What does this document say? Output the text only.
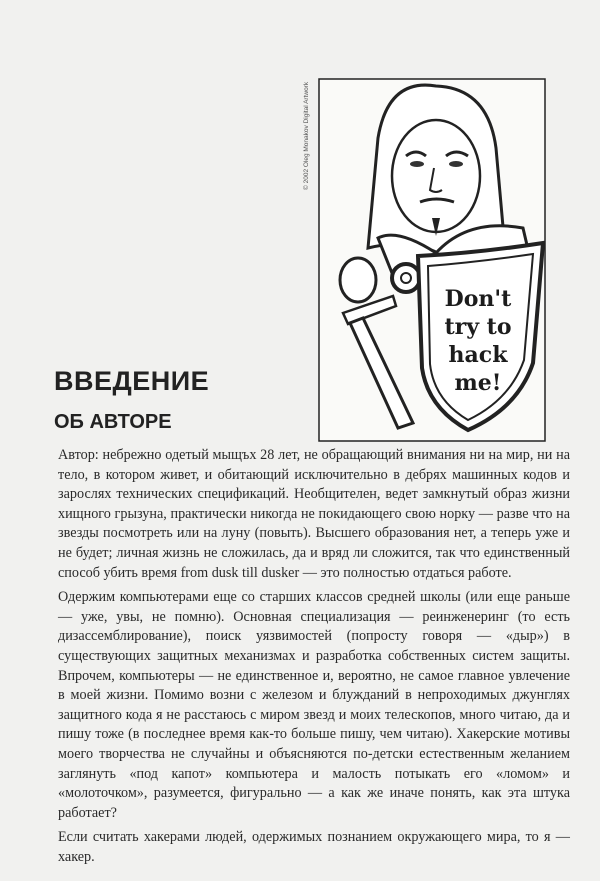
Don't
try to
hack
me!
© 2002 Oleg Monakov Digital Artwork
ВВЕДЕНИЕ
ОБ АВТОРЕ

Автор: небрежно одетый мыщъх 28 лет, не обращающий внимания ни на мир, ни на тело, в котором живет, и обитающий исключительно в дебрях машинных кодов и зарослях технических спецификаций. Необщителен, ведет замкнутый образ жизни хищного грызуна, практически никогда не покидающего свою норку — разве что на звезды посмотреть или на луну (повыть). Высшего образования нет, а теперь уже и не будет; личная жизнь не сложилась, да и вряд ли сложится, так что единственный способ убить время from dusk till dusker — это полностью отдаться работе.

Одержим компьютерами еще со старших классов средней школы (или еще раньше — уже, увы, не помню). Основная специализация — реинженеринг (то есть дизассемблирование), поиск уязвимостей (попросту говоря — «дыр») в существующих защитных механизмах и разработка собственных систем защиты. Впрочем, компьютеры — не единственное и, вероятно, не самое главное увлечение в моей жизни. Помимо возни с железом и блужданий в непроходимых джунглях защитного кода я не расстаюсь с миром звезд и моих телескопов, много читаю, да и пишу тоже (в последнее время как-то больше пишу, чем читаю). Хакерские мотивы моего творчества не случайны и объясняются по-детски естественным желанием заглянуть «под капот» компьютера и малость потыкать его «ломом» и «молоточком», разумеется, фигурально — а как же иначе понять, как эта штука работает?

Если считать хакерами людей, одержимых познанием окружающего мира, то я — хакер.
